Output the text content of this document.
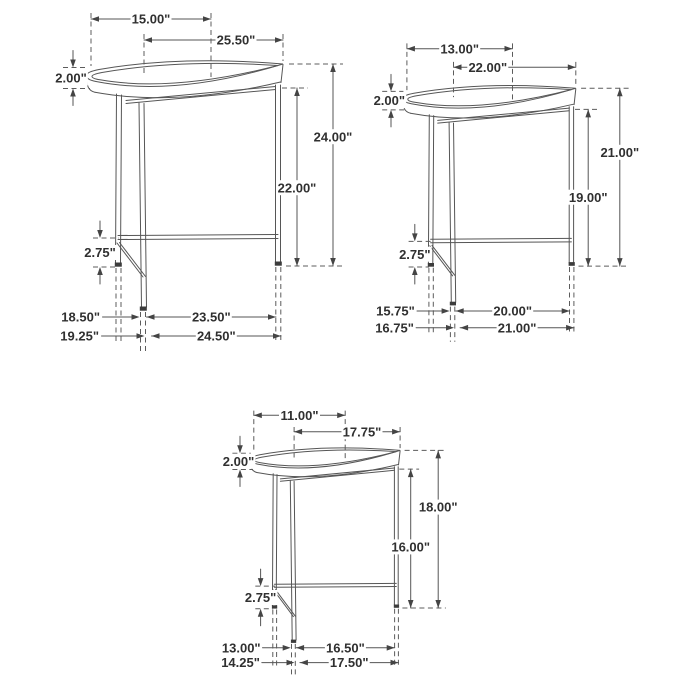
15.00"
25.50"
2.00"
24.00"
22.00"
2.75"
18.50"	23.50"
19.25"	24.50"
13.00"
22.00"
2.00"
21.00"
19.00"
2.75"
15.75"	20.00"
16.75"	21.00"
11.00"
17.75"
2.00"
18.00"
16.00"
2.75"
13.00"	16.50"
14.25"	17.50"
